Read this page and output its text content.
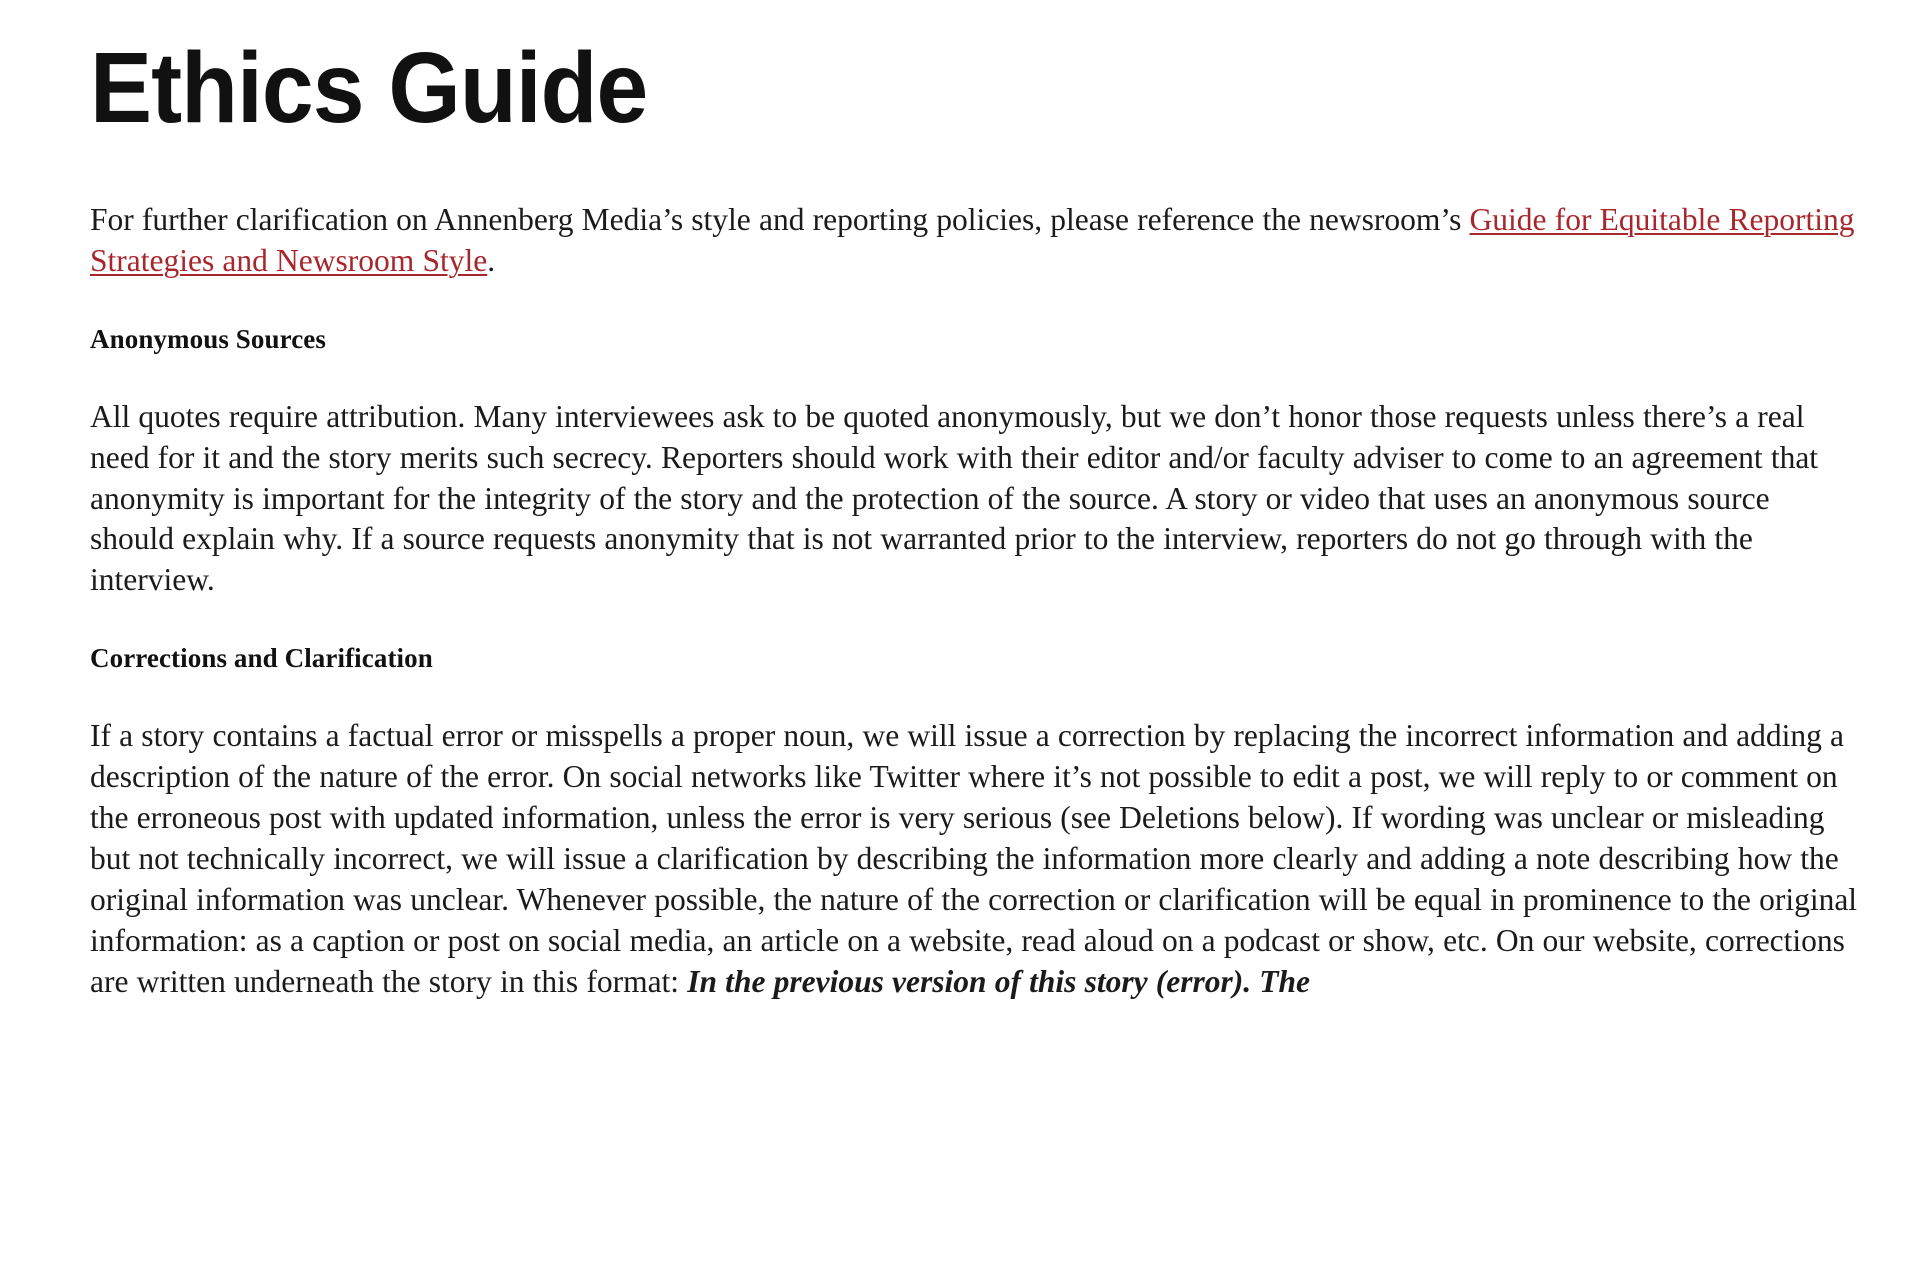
Ethics Guide

For further clarification on Annenberg Media’s style and reporting policies, please reference the newsroom’s Guide for Equitable Reporting Strategies and Newsroom Style.

Anonymous Sources

All quotes require attribution. Many interviewees ask to be quoted anonymously, but we don’t honor those requests unless there’s a real need for it and the story merits such secrecy. Reporters should work with their editor and/or faculty adviser to come to an agreement that anonymity is important for the integrity of the story and the protection of the source. A story or video that uses an anonymous source should explain why. If a source requests anonymity that is not warranted prior to the interview, reporters do not go through with the interview.

Corrections and Clarification

If a story contains a factual error or misspells a proper noun, we will issue a correction by replacing the incorrect information and adding a description of the nature of the error. On social networks like Twitter where it’s not possible to edit a post, we will reply to or comment on the erroneous post with updated information, unless the error is very serious (see Deletions below). If wording was unclear or misleading but not technically incorrect, we will issue a clarification by describing the information more clearly and adding a note describing how the original information was unclear. Whenever possible, the nature of the correction or clarification will be equal in prominence to the original information: as a caption or post on social media, an article on a website, read aloud on a podcast or show, etc. On our website, corrections are written underneath the story in this format: In the previous version of this story (error). The
